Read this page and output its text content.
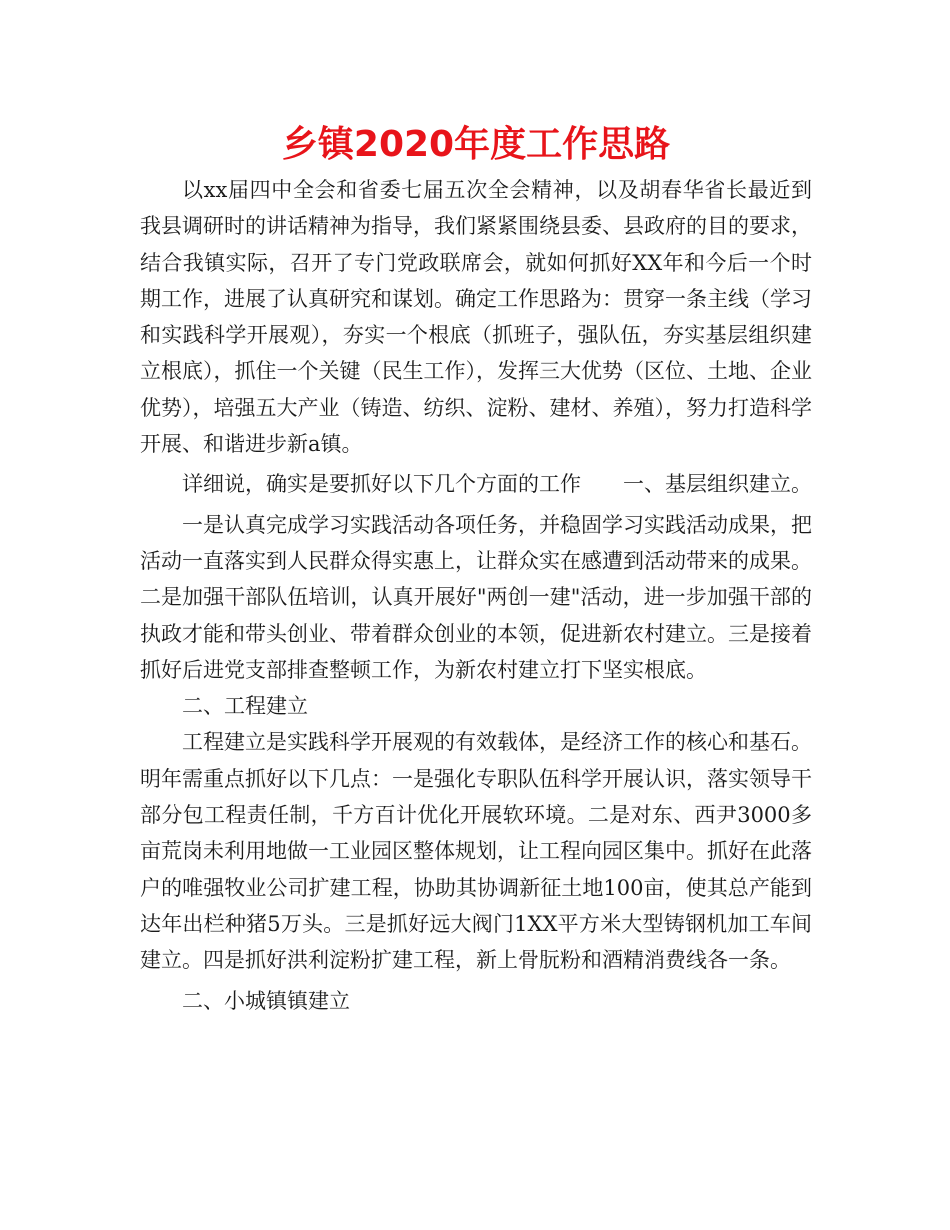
乡镇2020年度工作思路

以xx届四中全会和省委七届五次全会精神，以及胡春华省长最近到我县调研时的讲话精神为指导，我们紧紧围绕县委、县政府的目的要求，结合我镇实际，召开了专门党政联席会，就如何抓好XX年和今后一个时期工作，进展了认真研究和谋划。确定工作思路为：贯穿一条主线（学习和实践科学开展观），夯实一个根底（抓班子，强队伍，夯实基层组织建立根底），抓住一个关键（民生工作），发挥三大优势（区位、土地、企业优势），培强五大产业（铸造、纺织、淀粉、建材、养殖），努力打造科学开展、和谐进步新a镇。

详细说，确实是要抓好以下几个方面的工作　　一、基层组织建立。

一是认真完成学习实践活动各项任务，并稳固学习实践活动成果，把活动一直落实到人民群众得实惠上，让群众实在感遭到活动带来的成果。二是加强干部队伍培训，认真开展好"两创一建"活动，进一步加强干部的执政才能和带头创业、带着群众创业的本领，促进新农村建立。三是接着抓好后进党支部排查整顿工作，为新农村建立打下坚实根底。

二、工程建立

工程建立是实践科学开展观的有效载体，是经济工作的核心和基石。明年需重点抓好以下几点：一是强化专职队伍科学开展认识，落实领导干部分包工程责任制，千方百计优化开展软环境。二是对东、西尹3000多亩荒岗未利用地做一工业园区整体规划，让工程向园区集中。抓好在此落户的唯强牧业公司扩建工程，协助其协调新征土地100亩，使其总产能到达年出栏种猪5万头。三是抓好远大阀门1XX平方米大型铸钢机加工车间建立。四是抓好洪利淀粉扩建工程，新上骨朊粉和酒精消费线各一条。

二、小城镇镇建立
